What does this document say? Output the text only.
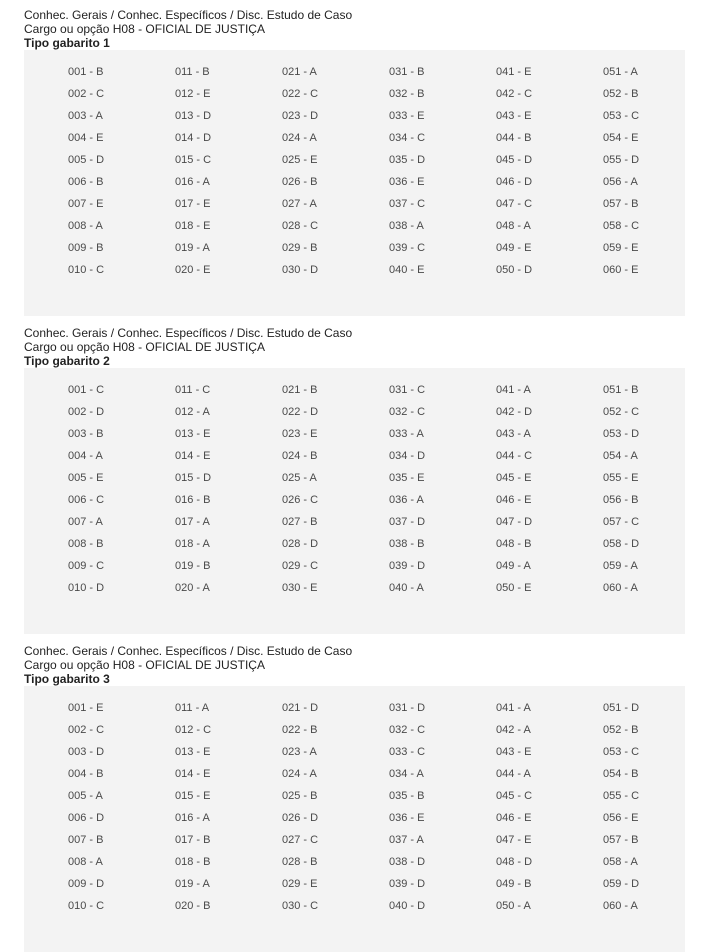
Conhec. Gerais / Conhec. Específicos / Disc. Estudo de Caso
Cargo ou opção H08 - OFICIAL DE JUSTIÇA
Tipo gabarito 1
001 - B
002 - C
003 - A
004 - E
005 - D
006 - B
007 - E
008 - A
009 - B
010 - C
011 - B
012 - E
013 - D
014 - D
015 - C
016 - A
017 - E
018 - E
019 - A
020 - E
021 - A
022 - C
023 - D
024 - A
025 - E
026 - B
027 - A
028 - C
029 - B
030 - D
031 - B
032 - B
033 - E
034 - C
035 - D
036 - E
037 - C
038 - A
039 - C
040 - E
041 - E
042 - C
043 - E
044 - B
045 - D
046 - D
047 - C
048 - A
049 - E
050 - D
051 - A
052 - B
053 - C
054 - E
055 - D
056 - A
057 - B
058 - C
059 - E
060 - E
Conhec. Gerais / Conhec. Específicos / Disc. Estudo de Caso
Cargo ou opção H08 - OFICIAL DE JUSTIÇA
Tipo gabarito 2
001 - C
002 - D
003 - B
004 - A
005 - E
006 - C
007 - A
008 - B
009 - C
010 - D
011 - C
012 - A
013 - E
014 - E
015 - D
016 - B
017 - A
018 - A
019 - B
020 - A
021 - B
022 - D
023 - E
024 - B
025 - A
026 - C
027 - B
028 - D
029 - C
030 - E
031 - C
032 - C
033 - A
034 - D
035 - E
036 - A
037 - D
038 - B
039 - D
040 - A
041 - A
042 - D
043 - A
044 - C
045 - E
046 - E
047 - D
048 - B
049 - A
050 - E
051 - B
052 - C
053 - D
054 - A
055 - E
056 - B
057 - C
058 - D
059 - A
060 - A
Conhec. Gerais / Conhec. Específicos / Disc. Estudo de Caso
Cargo ou opção H08 - OFICIAL DE JUSTIÇA
Tipo gabarito 3
001 - E
002 - C
003 - D
004 - B
005 - A
006 - D
007 - B
008 - A
009 - D
010 - C
011 - A
012 - C
013 - E
014 - E
015 - E
016 - A
017 - B
018 - B
019 - A
020 - B
021 - D
022 - B
023 - A
024 - A
025 - B
026 - D
027 - C
028 - B
029 - E
030 - C
031 - D
032 - C
033 - C
034 - A
035 - B
036 - E
037 - A
038 - D
039 - D
040 - D
041 - A
042 - A
043 - E
044 - A
045 - C
046 - E
047 - E
048 - D
049 - B
050 - A
051 - D
052 - B
053 - C
054 - B
055 - C
056 - E
057 - B
058 - A
059 - D
060 - A
